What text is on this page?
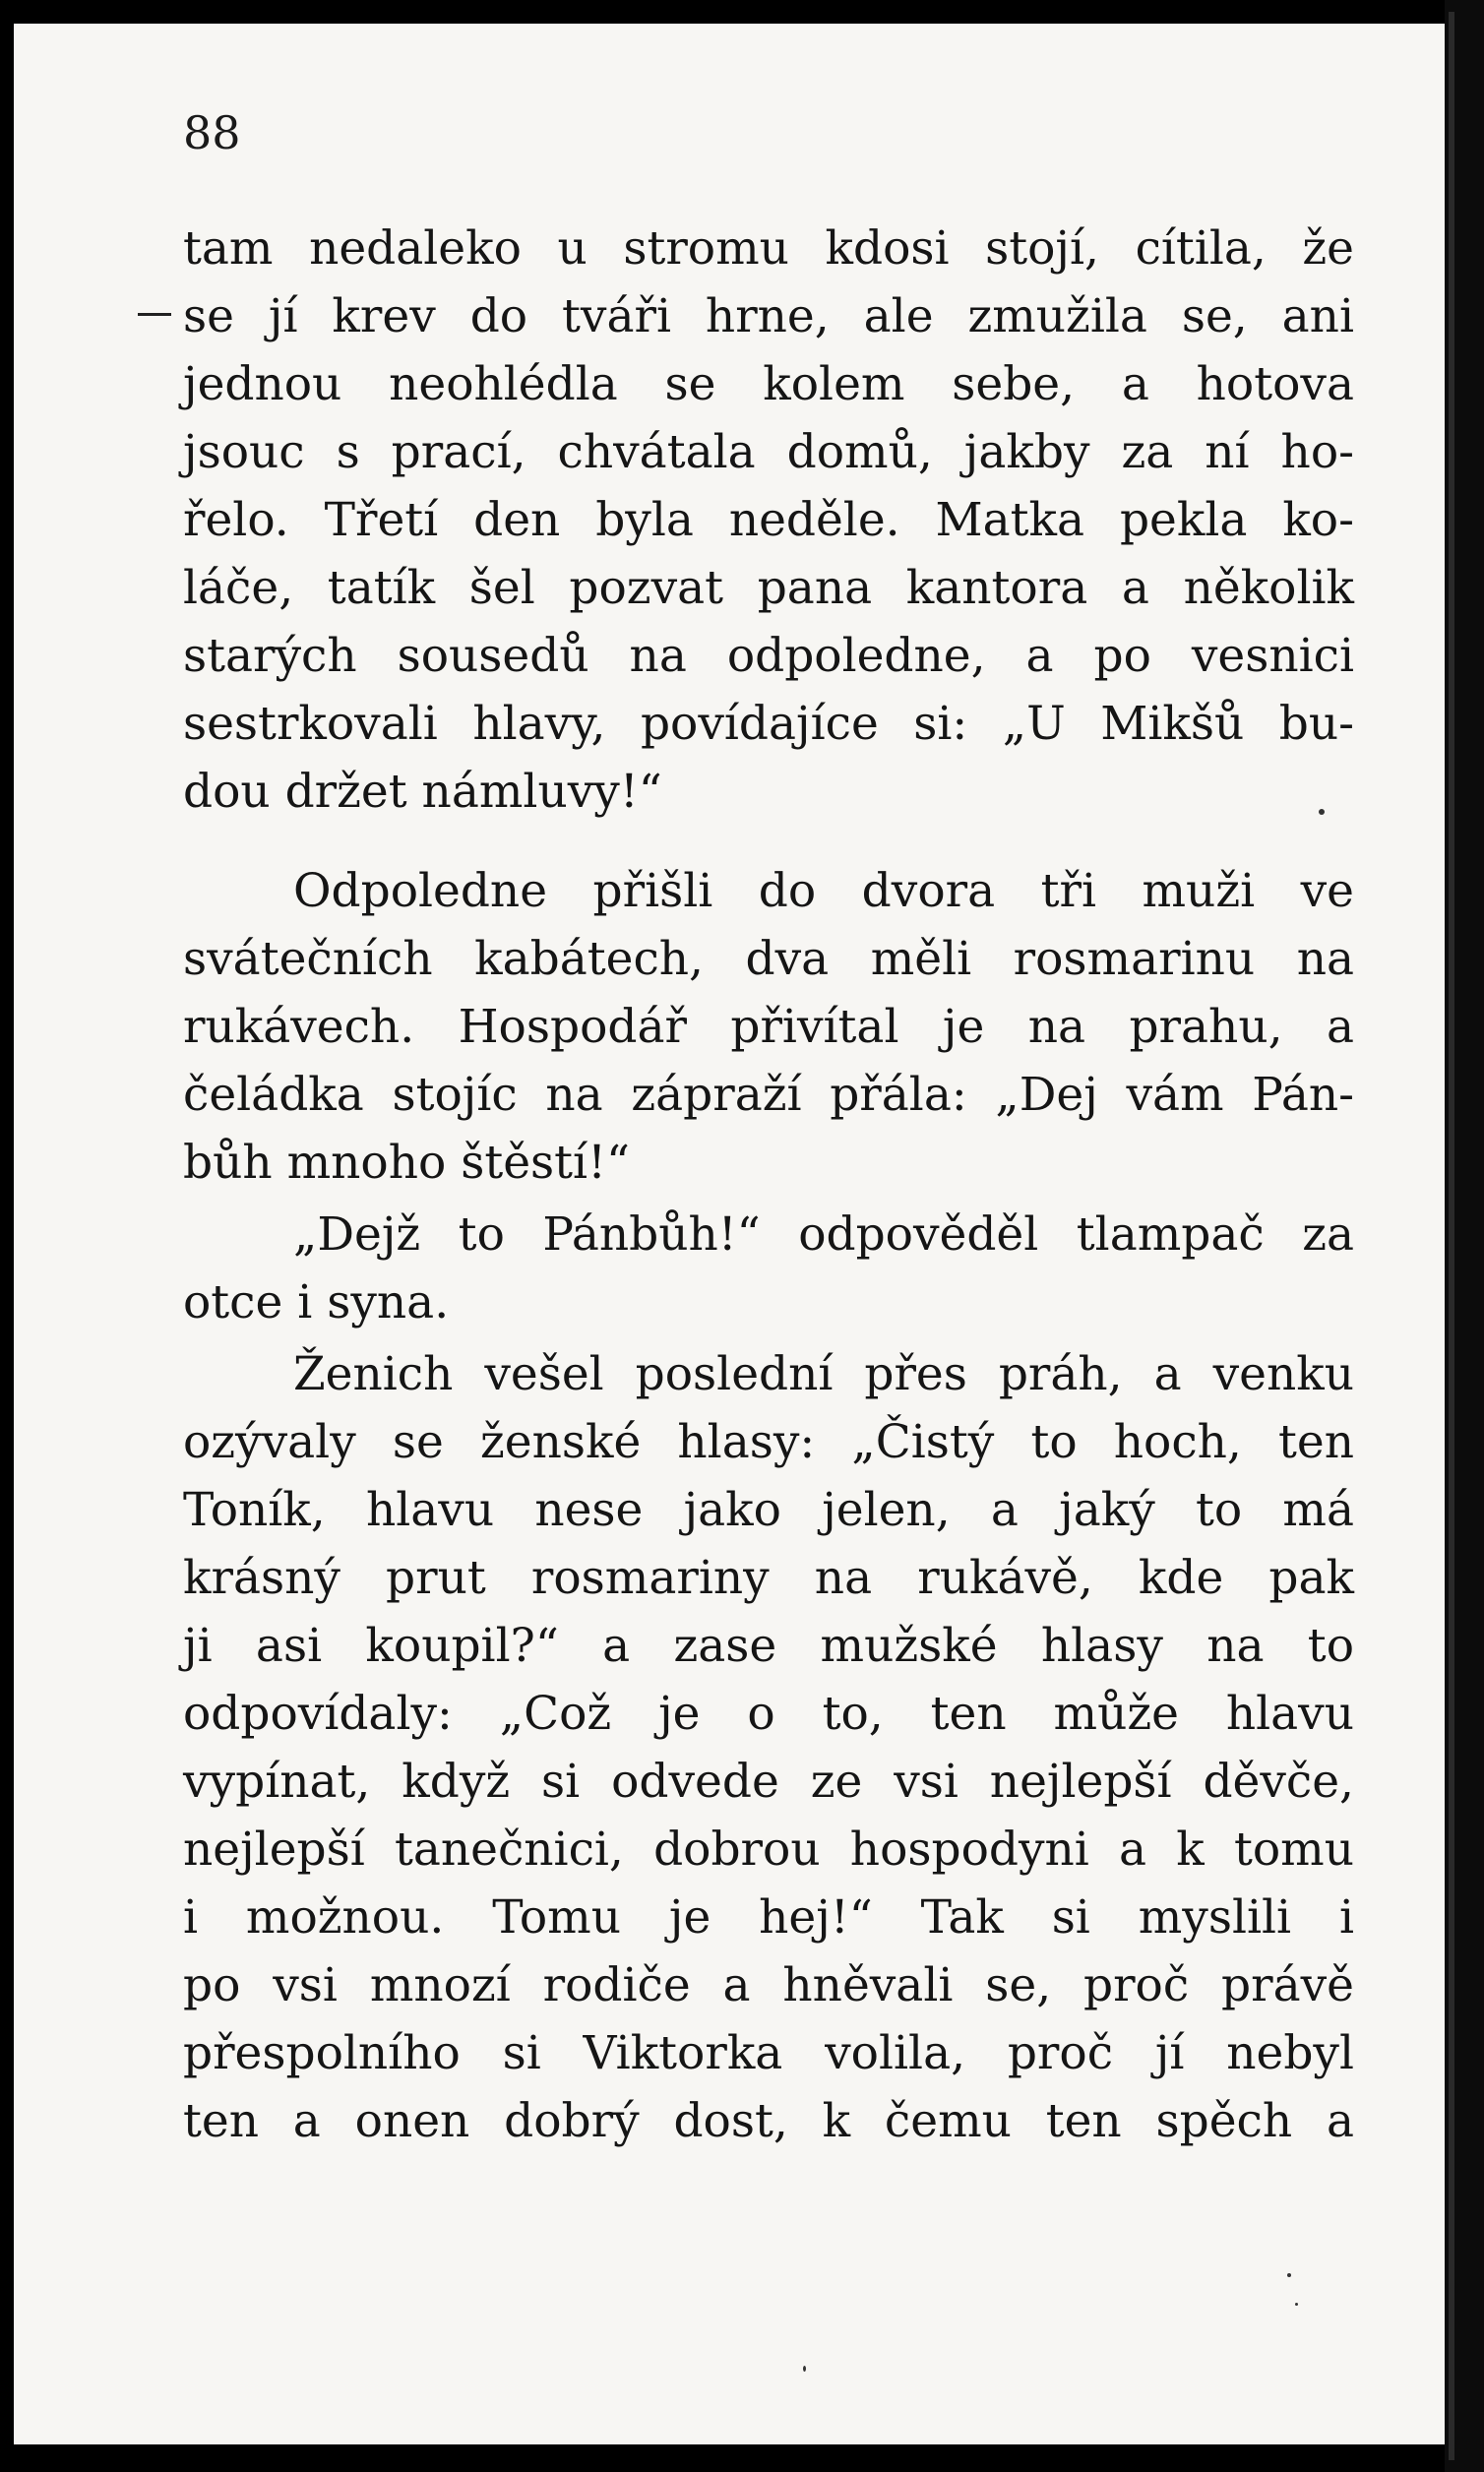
88
tam nedaleko u stromu kdosi stojí, cítila, že
se jí krev do tváři hrne, ale zmužila se, ani
jednou neohlédla se kolem sebe, a hotova
jsouc s prací, chvátala domů, jakby za ní ho-
řelo. Třetí den byla neděle. Matka pekla ko-
láče, tatík šel pozvat pana kantora a několik
starých sousedů na odpoledne, a po vesnici
sestrkovali hlavy, povídajíce si: „U Mikšů bu-
dou držet námluvy!“
Odpoledne přišli do dvora tři muži ve
svátečních kabátech, dva měli rosmarinu na
rukávech. Hospodář přivítal je na prahu, a
čeládka stojíc na zápraží přála: „Dej vám Pán-
bůh mnoho štěstí!“
„Dejž to Pánbůh!“ odpověděl tlampač za
otce i syna.
Ženich vešel poslední přes práh, a venku
ozývaly se ženské hlasy: „Čistý to hoch, ten
Toník, hlavu nese jako jelen, a jaký to má
krásný prut rosmariny na rukávě, kde pak
ji asi koupil?“ a zase mužské hlasy na to
odpovídaly: „Což je o to, ten může hlavu
vypínat, když si odvede ze vsi nejlepší děvče,
nejlepší tanečnici, dobrou hospodyni a k tomu
i možnou. Tomu je hej!“ Tak si myslili i
po vsi mnozí rodiče a hněvali se, proč právě
přespolního si Viktorka volila, proč jí nebyl
ten a onen dobrý dost, k čemu ten spěch a
